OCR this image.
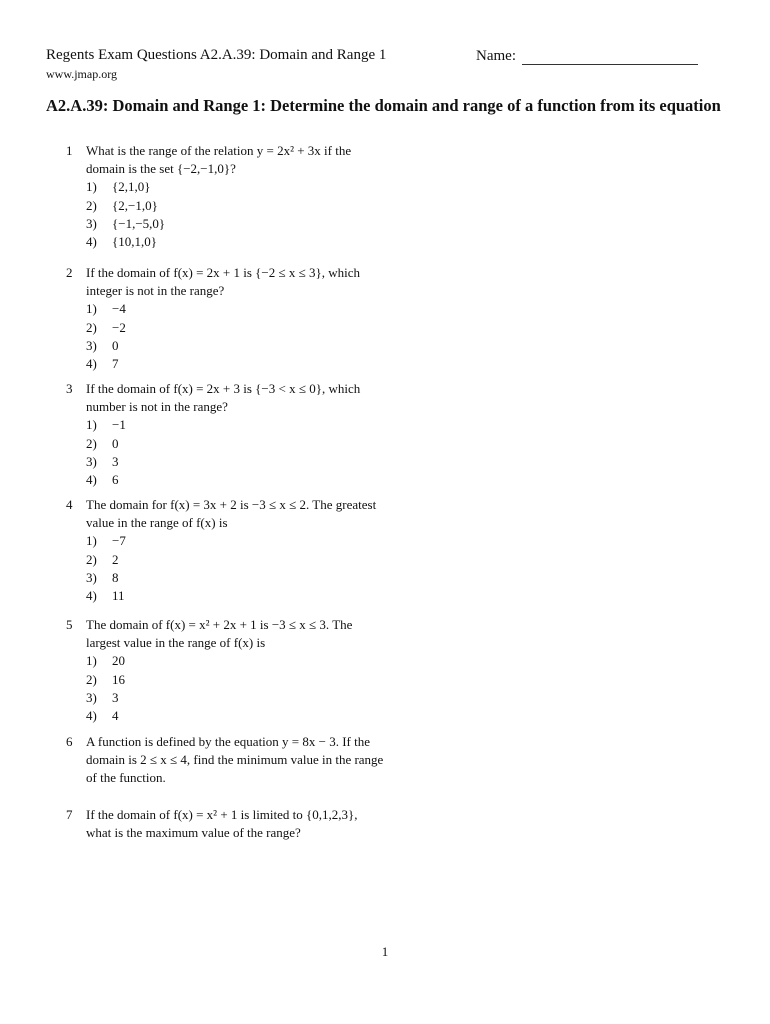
Regents Exam Questions A2.A.39: Domain and Range 1
www.jmap.org
Name:
A2.A.39: Domain and Range 1: Determine the domain and range of a function from its equation
1	What is the range of the relation y = 2x² + 3x if the domain is the set {−2,−1,0}?
1)	{2,1,0}
2)	{2,−1,0}
3)	{−1,−5,0}
4)	{10,1,0}
2	If the domain of f(x) = 2x + 1 is {−2 ≤ x ≤ 3}, which integer is not in the range?
1)	−4
2)	−2
3)	0
4)	7
3	If the domain of f(x) = 2x + 3 is {−3 < x ≤ 0}, which number is not in the range?
1)	−1
2)	0
3)	3
4)	6
4	The domain for f(x) = 3x + 2 is −3 ≤ x ≤ 2. The greatest value in the range of f(x) is
1)	−7
2)	2
3)	8
4)	11
5	The domain of f(x) = x² + 2x + 1 is −3 ≤ x ≤ 3. The largest value in the range of f(x) is
1)	20
2)	16
3)	3
4)	4
6	A function is defined by the equation y = 8x − 3. If the domain is 2 ≤ x ≤ 4, find the minimum value in the range of the function.
7	If the domain of f(x) = x² + 1 is limited to {0,1,2,3}, what is the maximum value of the range?
1
